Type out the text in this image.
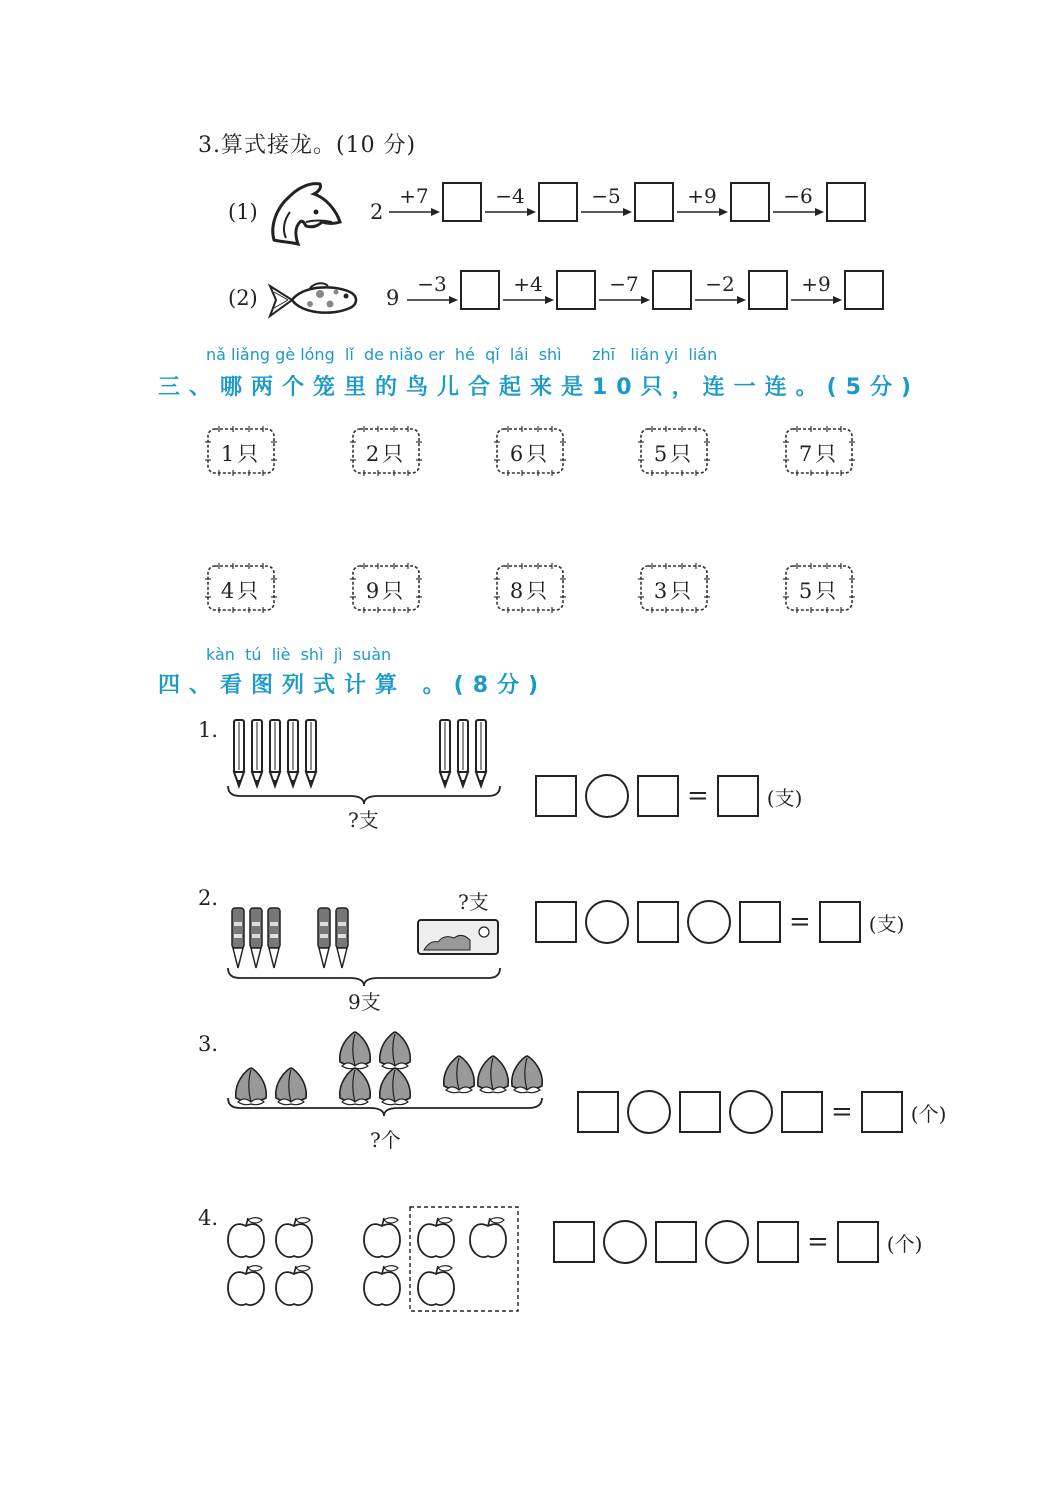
3.算式接龙。(10 分)
(1)	2
+7	−4	−5	+9	−6
(2)	9
−3	+4	−7	−2	+9
nǎ liǎng gè lóng  lǐ  de niǎo er  hé  qǐ  lái  shì      zhī   lián yi  lián
三、哪两个笼里的鸟儿合起来是10只，连一连。(5分)
1只	2只	6只	5只	7只
4只	9只	8只	3只	5只
kàn  tú  liè  shì  jì  suàn
四、看图列式计算 。(8分)
1.
?支
=	(支)
2.	?支
9支
=	(支)
3.
?个
=	(个)
4.
=	(个)
